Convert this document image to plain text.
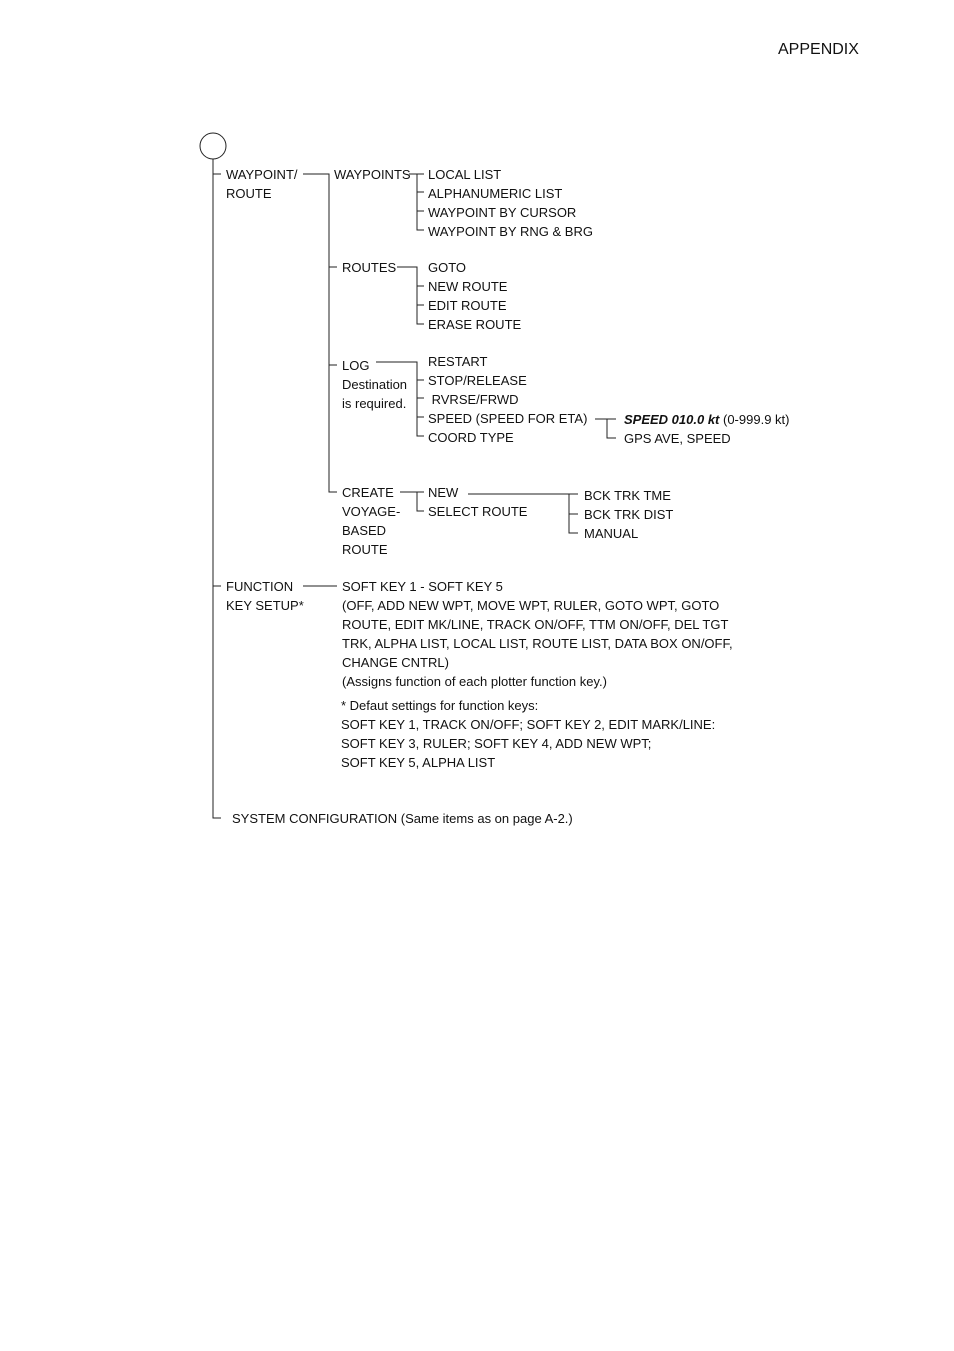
APPENDIX
WAYPOINT/
ROUTE
WAYPOINTS LOCAL LIST
ALPHANUMERIC LIST
WAYPOINT BY CURSOR
WAYPOINT BY RNG & BRG
ROUTES GOTO
NEW ROUTE
EDIT ROUTE
ERASE ROUTE
LOG
Destination
is required.
RESTART
STOP/RELEASE
RVRSE/FRWD
SPEED (SPEED FOR ETA)
COORD TYPE
SPEED 010.0 kt (0-999.9 kt)
GPS AVE, SPEED
CREATE
VOYAGE-
BASED
ROUTE
NEW
SELECT ROUTE
BCK TRK TME
BCK TRK DIST
MANUAL
FUNCTION
KEY SETUP*
SOFT KEY 1 - SOFT KEY 5
(OFF, ADD NEW WPT, MOVE WPT, RULER, GOTO WPT, GOTO
ROUTE, EDIT MK/LINE, TRACK ON/OFF, TTM ON/OFF, DEL TGT
TRK, ALPHA LIST, LOCAL LIST, ROUTE LIST, DATA BOX ON/OFF,
CHANGE CNTRL)
(Assigns function of each plotter function key.)
* Defaut settings for function keys:
SOFT KEY 1, TRACK ON/OFF; SOFT KEY 2, EDIT MARK/LINE:
SOFT KEY 3, RULER; SOFT KEY 4, ADD NEW WPT;
SOFT KEY 5, ALPHA LIST
SYSTEM CONFIGURATION (Same items as on page A-2.)
